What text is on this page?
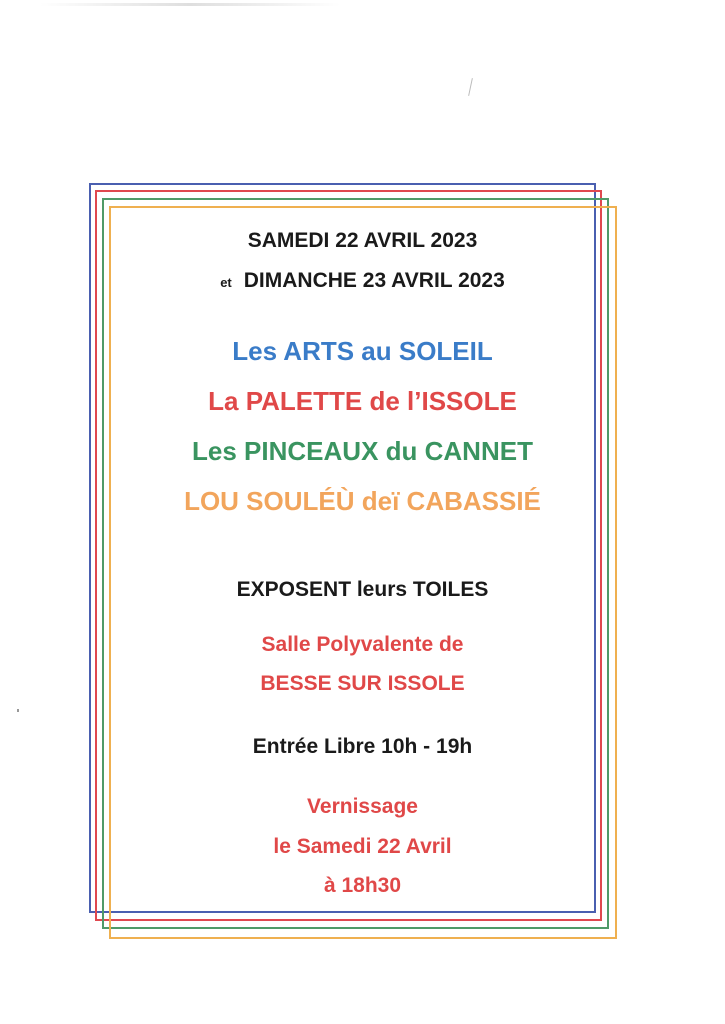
SAMEDI 22 AVRIL 2023
et DIMANCHE 23 AVRIL 2023
Les ARTS au SOLEIL
La PALETTE de l’ISSOLE
Les PINCEAUX du CANNET
LOU SOULÉÙ deï CABASSIÉ
EXPOSENT leurs TOILES
Salle Polyvalente de
BESSE SUR ISSOLE
Entrée Libre 10h - 19h
Vernissage
le Samedi 22 Avril
à 18h30
